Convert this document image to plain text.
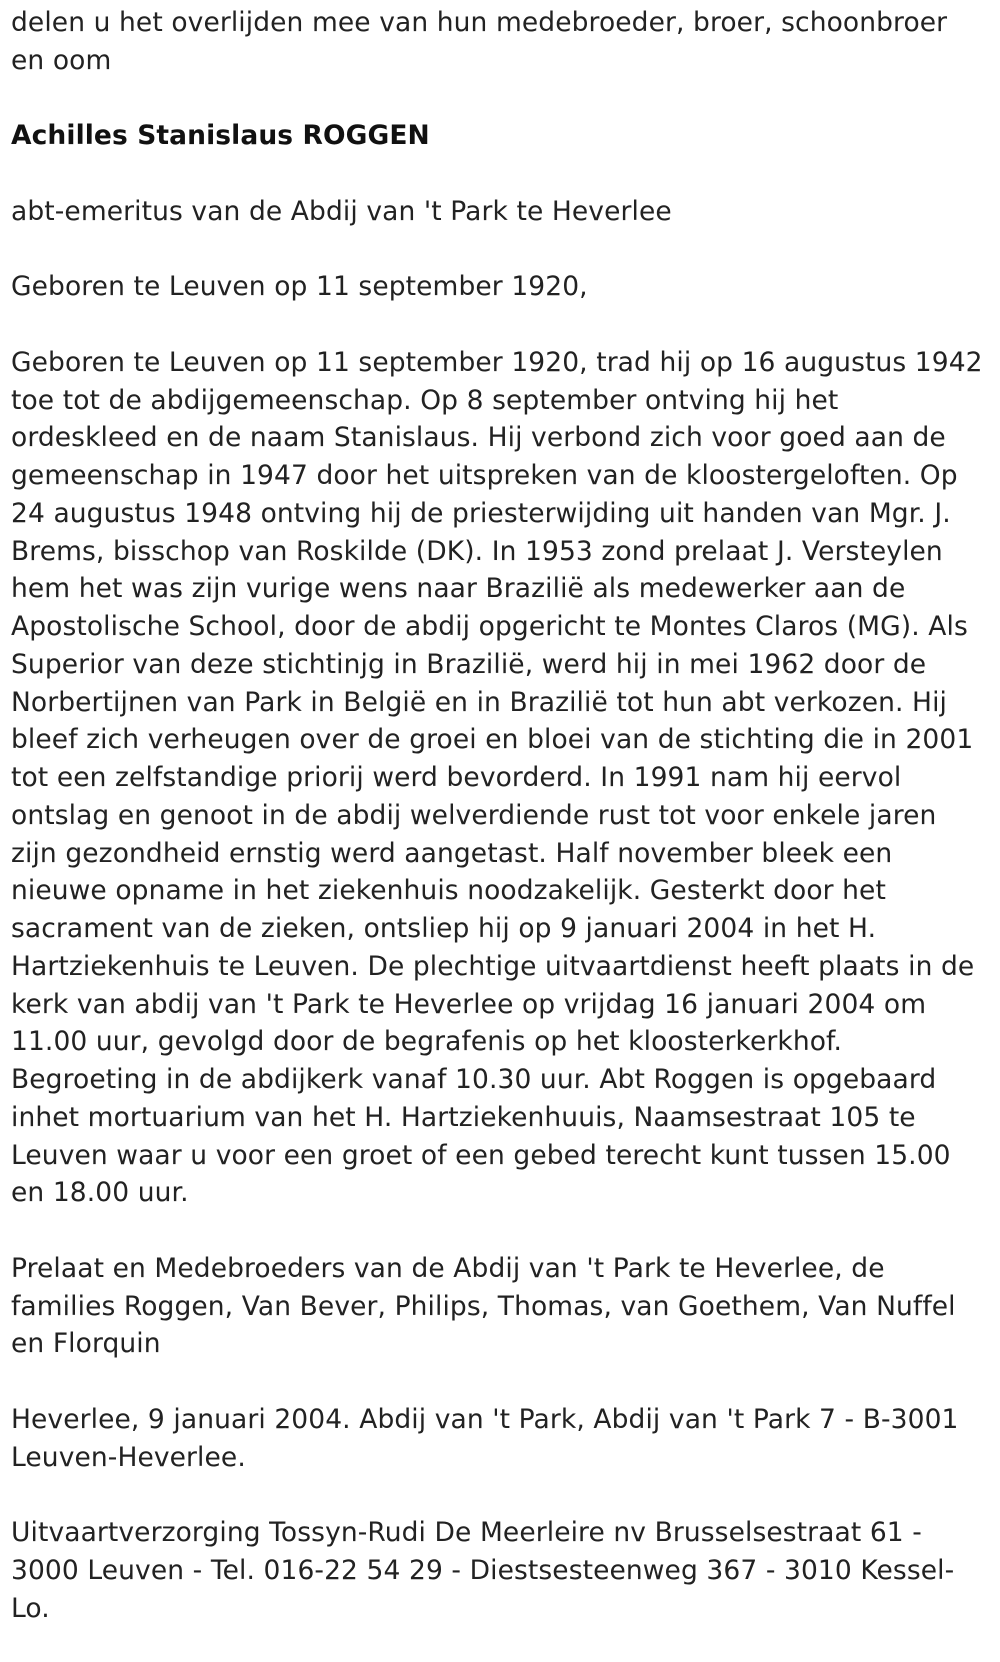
delen u het overlijden mee van hun medebroeder, broer, schoonbroer en oom

Achilles Stanislaus ROGGEN

abt-emeritus van de Abdij van 't Park te Heverlee

Geboren te Leuven op 11 september 1920,

Geboren te Leuven op 11 september 1920, trad hij op 16 augustus 1942 toe tot de abdijgemeenschap. Op 8 september ontving hij het ordeskleed en de naam Stanislaus. Hij verbond zich voor goed aan de gemeenschap in 1947 door het uitspreken van de kloostergeloften. Op 24 augustus 1948 ontving hij de priesterwijding uit handen van Mgr. J. Brems, bisschop van Roskilde (DK). In 1953 zond prelaat J. Versteylen hem het was zijn vurige wens naar Brazilië als medewerker aan de Apostolische School, door de abdij opgericht te Montes Claros (MG). Als Superior van deze stichtinjg in Brazilië, werd hij in mei 1962 door de Norbertijnen van Park in België en in Brazilië tot hun abt verkozen. Hij bleef zich verheugen over de groei en bloei van de stichting die in 2001 tot een zelfstandige priorij werd bevorderd. In 1991 nam hij eervol ontslag en genoot in de abdij welverdiende rust tot voor enkele jaren zijn gezondheid ernstig werd aangetast. Half november bleek een nieuwe opname in het ziekenhuis noodzakelijk. Gesterkt door het sacrament van de zieken, ontsliep hij op 9 januari 2004 in het H. Hartziekenhuis te Leuven. De plechtige uitvaartdienst heeft plaats in de kerk van abdij van 't Park te Heverlee op vrijdag 16 januari 2004 om 11.00 uur, gevolgd door de begrafenis op het kloosterkerkhof. Begroeting in de abdijkerk vanaf 10.30 uur. Abt Roggen is opgebaard inhet mortuarium van het H. Hartziekenhuuis, Naamsestraat 105 te Leuven waar u voor een groet of een gebed terecht kunt tussen 15.00 en 18.00 uur.

Prelaat en Medebroeders van de Abdij van 't Park te Heverlee, de families Roggen, Van Bever, Philips, Thomas, van Goethem, Van Nuffel en Florquin

Heverlee, 9 januari 2004. Abdij van 't Park, Abdij van 't Park 7 - B-3001 Leuven-Heverlee.

Uitvaartverzorging Tossyn-Rudi De Meerleire nv Brusselsestraat 61 - 3000 Leuven - Tel. 016-22 54 29 - Diestsesteenweg 367 - 3010 Kessel-Lo.
